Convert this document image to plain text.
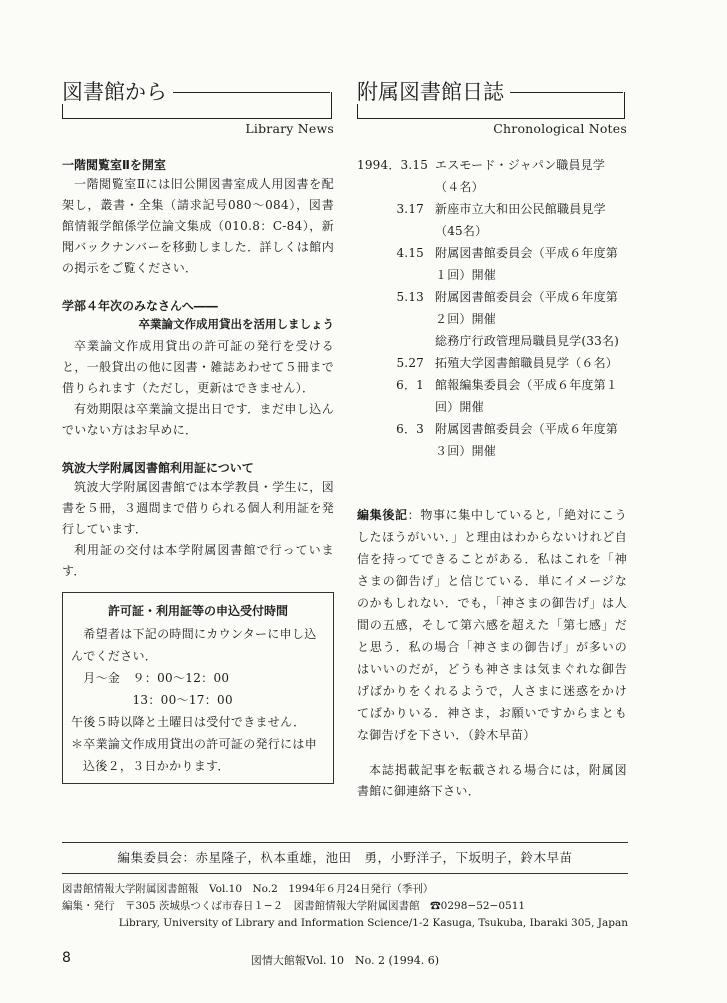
図書館から
Library News

一階閲覧室Ⅱを開室

一階閲覧室Ⅱには旧公開図書室成人用図書を配架し，叢書・全集（請求記号080〜084），図書館情報学館係学位論文集成（010.8：C‐84），新聞バックナンバーを移動しました．詳しくは館内の掲示をご覧ください．

学部４年次のみなさんへ――

卒業論文作成用貸出を活用しましょう

卒業論文作成用貸出の許可証の発行を受けると，一般貸出の他に図書・雑誌あわせて５冊まで借りられます（ただし，更新はできません）．

有効期限は卒業論文提出日です．まだ申し込んでいない方はお早めに．

筑波大学附属図書館利用証について

筑波大学附属図書館では本学教員・学生に，図書を５冊，３週間まで借りられる個人利用証を発行しています．

利用証の交付は本学附属図書館で行っています．

許可証・利用証等の申込受付時間

　希望者は下記の時間にカウンターに申し込んでください．

　月〜金　９：00〜12：00

　　　　　13：00〜17：00

午後５時以降と土曜日は受付できません．

＊卒業論文作成用貸出の許可証の発行には申込後２，３日かかります．

附属図書館日誌
Chronological Notes
1994．3.15 エスモード・ジャパン職員見学（４名）
3.17 新座市立大和田公民館職員見学（45名）
4.15 附属図書館委員会（平成６年度第１回）開催
5.13 附属図書館委員会（平成６年度第２回）開催
総務庁行政管理局職員見学(33名)
5.27 拓殖大学図書館職員見学（６名）
6．1 館報編集委員会（平成６年度第１回）開催
6．3 附属図書館委員会（平成６年度第３回）開催

編集後記：物事に集中していると,「絶対にこうしたほうがいい．」と理由はわからないけれど自信を持ってできることがある．私はこれを「神さまの御告げ」と信じている．単にイメージなのかもしれない．でも，「神さまの御告げ」は人間の五感，そして第六感を超えた「第七感」だと思う．私の場合「神さまの御告げ」が多いのはいいのだが，どうも神さまは気まぐれな御告げばかりをくれるようで，人さまに迷惑をかけてばかりいる．神さま，お願いですからまともな御告げを下さい．（鈴木早苗）

本誌掲載記事を転載される場合には，附属図書館に御連絡下さい．

編集委員会：赤星隆子，杁本重雄，池田　勇，小野洋子，下坂明子，鈴木早苗
図書館情報大学附属図書館報　Vol.10　No.2　1994年６月24日発行（季刊）
編集・発行　〒305 茨城県つくば市春日１−２　図書館情報大学附属図書館　☎0298−52−0511
Library, University of Library and Information Science/1-2 Kasuga, Tsukuba, Ibaraki 305, Japan
8	図情大館報Vol. 10　No. 2 (1994. 6)
